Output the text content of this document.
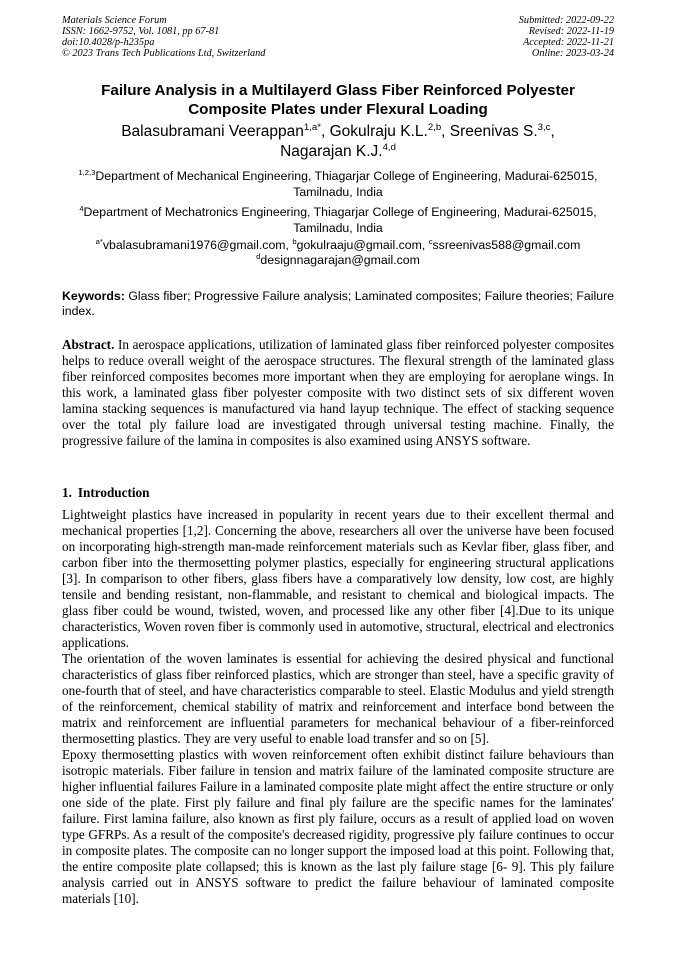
Materials Science Forum
ISSN: 1662-9752, Vol. 1081, pp 67-81
doi:10.4028/p-h235pa
© 2023 Trans Tech Publications Ltd, Switzerland
Submitted: 2022-09-22
Revised: 2022-11-19
Accepted: 2022-11-21
Online: 2023-03-24
Failure Analysis in a Multilayerd Glass Fiber Reinforced Polyester
Composite Plates under Flexural Loading
Balasubramani Veerappan$^{1,a*}$, Gokulraju K.L.$^{2,b}$, Sreenivas S.$^{3,c}$,
Nagarajan K.J.$^{4,d}$
$^{1,2,3}$Department of Mechanical Engineering, Thiagarjar College of Engineering, Madurai-625015,
Tamilnadu, India
$^4$Department of Mechatronics Engineering, Thiagarjar College of Engineering, Madurai-625015,
Tamilnadu, India
$^{a*}$vbalasubramani1976@gmail.com, $^b$gokulraaju@gmail.com, $^c$ssreenivas588@gmail.com
$^d$designnagarajan@gmail.com
Keywords: Glass fiber; Progressive Failure analysis; Laminated composites; Failure theories; Failure index.
Abstract. In aerospace applications, utilization of laminated glass fiber reinforced polyester composites helps to reduce overall weight of the aerospace structures. The flexural strength of the laminated glass fiber reinforced composites becomes more important when they are employing for aeroplane wings. In this work, a laminated glass fiber polyester composite with two distinct sets of six different woven lamina stacking sequences is manufactured via hand layup technique. The effect of stacking sequence over the total ply failure load are investigated through universal testing machine. Finally, the progressive failure of the lamina in composites is also examined using ANSYS software.
1. Introduction

Lightweight plastics have increased in popularity in recent years due to their excellent thermal and mechanical properties [1,2]. Concerning the above, researchers all over the universe have been focused on incorporating high-strength man-made reinforcement materials such as Kevlar fiber, glass fiber, and carbon fiber into the thermosetting polymer plastics, especially for engineering structural applications [3]. In comparison to other fibers, glass fibers have a comparatively low density, low cost, are highly tensile and bending resistant, non-flammable, and resistant to chemical and biological impacts. The glass fiber could be wound, twisted, woven, and processed like any other fiber [4].Due to its unique characteristics, Woven roven fiber is commonly used in automotive, structural, electrical and electronics applications.

The orientation of the woven laminates is essential for achieving the desired physical and functional characteristics of glass fiber reinforced plastics, which are stronger than steel, have a specific gravity of one-fourth that of steel, and have characteristics comparable to steel. Elastic Modulus and yield strength of the reinforcement, chemical stability of matrix and reinforcement and interface bond between the matrix and reinforcement are influential parameters for mechanical behaviour of a fiber-reinforced thermosetting plastics. They are very useful to enable load transfer and so on [5].

Epoxy thermosetting plastics with woven reinforcement often exhibit distinct failure behaviours than isotropic materials. Fiber failure in tension and matrix failure of the laminated composite structure are higher influential failures Failure in a laminated composite plate might affect the entire structure or only one side of the plate. First ply failure and final ply failure are the specific names for the laminates' failure. First lamina failure, also known as first ply failure, occurs as a result of applied load on woven type GFRPs. As a result of the composite's decreased rigidity, progressive ply failure continues to occur in composite plates. The composite can no longer support the imposed load at this point. Following that, the entire composite plate collapsed; this is known as the last ply failure stage [6- 9]. This ply failure analysis carried out in ANSYS software to predict the failure behaviour of laminated composite materials [10].
